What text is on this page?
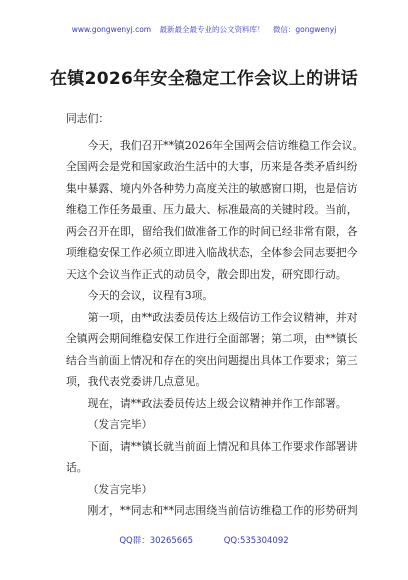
www.gongwenyj.com 最新最全最专业的公文资料库！ 微信：gongwenyj
在镇2026年安全稳定工作会议上的讲话

同志们：

今天，我们召开**镇2026年全国两会信访维稳工作会议。全国两会是党和国家政治生活中的大事，历来是各类矛盾纠纷集中暴露、境内外各种势力高度关注的敏感窗口期，也是信访维稳工作任务最重、压力最大、标准最高的关键时段。当前，两会召开在即，留给我们做准备工作的时间已经非常有限，各项维稳安保工作必须立即进入临战状态，全体参会同志要把今天这个会议当作正式的动员令，散会即出发，研究即行动。

今天的会议，议程有3项。

第一项，由**政法委员传达上级信访工作会议精神，并对全镇两会期间维稳安保工作进行全面部署；第二项，由**镇长结合当前面上情况和存在的突出问题提出具体工作要求；第三项，我代表党委讲几点意见。

现在，请**政法委员传达上级会议精神并作工作部署。

（发言完毕）

下面，请**镇长就当前面上情况和具体工作要求作部署讲话。

（发言完毕）

刚才，**同志和**同志围绕当前信访维稳工作的形势研判

QQ群：30265665	QQ:535304092
